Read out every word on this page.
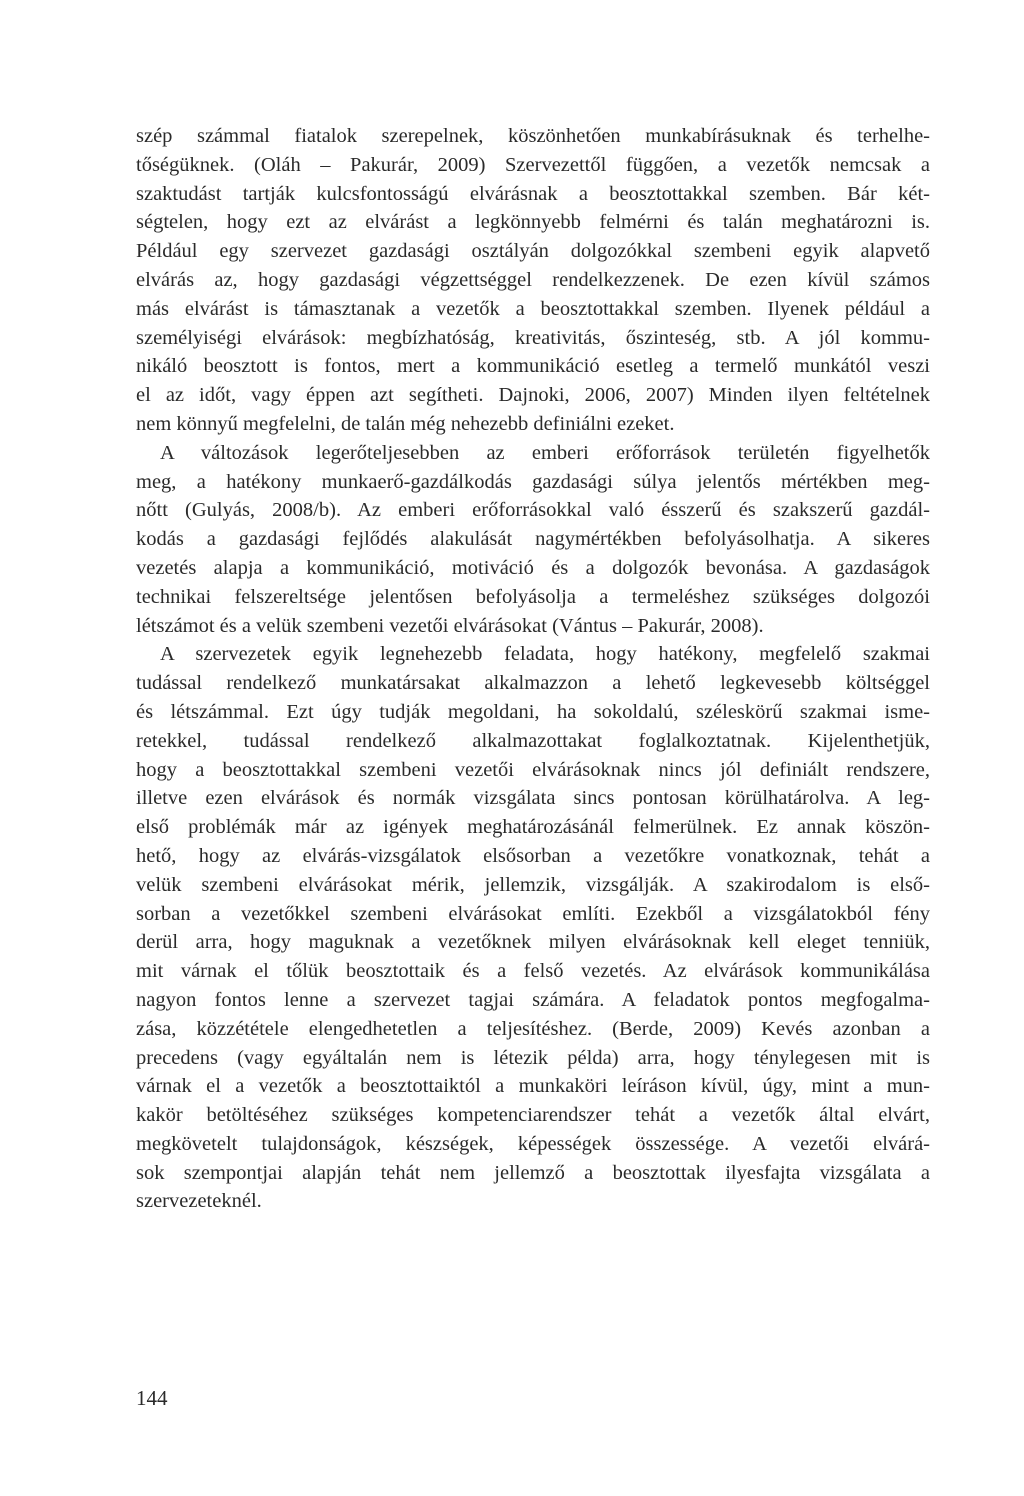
szép számmal fiatalok szerepelnek, köszönhetően munkabírásuknak és terhelhe-
tőségüknek. (Oláh – Pakurár, 2009) Szervezettől függően, a vezetők nemcsak a
szaktudást tartják kulcsfontosságú elvárásnak a beosztottakkal szemben. Bár két-
ségtelen, hogy ezt az elvárást a legkönnyebb felmérni és talán meghatározni is.
Például egy szervezet gazdasági osztályán dolgozókkal szembeni egyik alapvető
elvárás az, hogy gazdasági végzettséggel rendelkezzenek. De ezen kívül számos
más elvárást is támasztanak a vezetők a beosztottakkal szemben. Ilyenek például a
személyiségi elvárások: megbízhatóság, kreativitás, őszinteség, stb. A jól kommu-
nikáló beosztott is fontos, mert a kommunikáció esetleg a termelő munkától veszi
el az időt, vagy éppen azt segítheti. Dajnoki, 2006, 2007) Minden ilyen feltételnek
nem könnyű megfelelni, de talán még nehezebb definiálni ezeket.
A változások legerőteljesebben az emberi erőforrások területén figyelhetők
meg, a hatékony munkaerő-gazdálkodás gazdasági súlya jelentős mértékben meg-
nőtt (Gulyás, 2008/b). Az emberi erőforrásokkal való ésszerű és szakszerű gazdál-
kodás a gazdasági fejlődés alakulását nagymértékben befolyásolhatja. A sikeres
vezetés alapja a kommunikáció, motiváció és a dolgozók bevonása. A gazdaságok
technikai felszereltsége jelentősen befolyásolja a termeléshez szükséges dolgozói
létszámot és a velük szembeni vezetői elvárásokat (Vántus – Pakurár, 2008).
A szervezetek egyik legnehezebb feladata, hogy hatékony, megfelelő szakmai
tudással rendelkező munkatársakat alkalmazzon a lehető legkevesebb költséggel
és létszámmal. Ezt úgy tudják megoldani, ha sokoldalú, széleskörű szakmai isme-
retekkel, tudással rendelkező alkalmazottakat foglalkoztatnak. Kijelenthetjük,
hogy a beosztottakkal szembeni vezetői elvárásoknak nincs jól definiált rendszere,
illetve ezen elvárások és normák vizsgálata sincs pontosan körülhatárolva. A leg-
első problémák már az igények meghatározásánál felmerülnek. Ez annak köszön-
hető, hogy az elvárás-vizsgálatok elsősorban a vezetőkre vonatkoznak, tehát a
velük szembeni elvárásokat mérik, jellemzik, vizsgálják. A szakirodalom is első-
sorban a vezetőkkel szembeni elvárásokat említi. Ezekből a vizsgálatokból fény
derül arra, hogy maguknak a vezetőknek milyen elvárásoknak kell eleget tenniük,
mit várnak el tőlük beosztottaik és a felső vezetés. Az elvárások kommunikálása
nagyon fontos lenne a szervezet tagjai számára. A feladatok pontos megfogalma-
zása, közzététele elengedhetetlen a teljesítéshez. (Berde, 2009) Kevés azonban a
precedens (vagy egyáltalán nem is létezik példa) arra, hogy ténylegesen mit is
várnak el a vezetők a beosztottaiktól a munkaköri leíráson kívül, úgy, mint a mun-
kakör betöltéséhez szükséges kompetenciarendszer tehát a vezetők által elvárt,
megkövetelt tulajdonságok, készségek, képességek összessége. A vezetői elvárá-
sok szempontjai alapján tehát nem jellemző a beosztottak ilyesfajta vizsgálata a
szervezeteknél.
144
